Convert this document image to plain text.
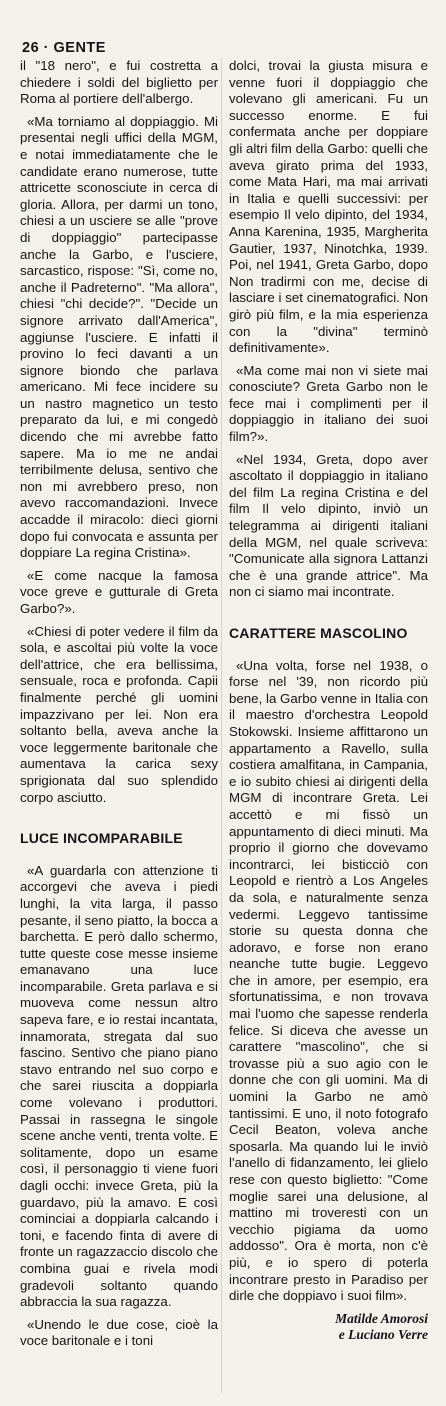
26 · GENTE

il "18 nero", e fui costretta a chiedere i soldi del biglietto per Roma al portiere dell'albergo.

«Ma torniamo al doppiaggio. Mi presentai negli uffici della MGM, e notai immediatamente che le candidate erano numerose, tutte attricette sconosciute in cerca di gloria. Allora, per darmi un tono, chiesi a un usciere se alle "prove di doppiaggio" partecipasse anche la Garbo, e l'usciere, sarcastico, rispose: "Sì, come no, anche il Padreterno". "Ma allora", chiesi "chi decide?". "Decide un signore arrivato dall'America", aggiunse l'usciere. E infatti il provino lo feci davanti a un signore biondo che parlava americano. Mi fece incidere su un nastro magnetico un testo preparato da lui, e mi congedò dicendo che mi avrebbe fatto sapere. Ma io me ne andai terribilmente delusa, sentivo che non mi avrebbero preso, non avevo raccomandazioni. Invece accadde il miracolo: dieci giorni dopo fui convocata e assunta per doppiare La regina Cristina».

«E come nacque la famosa voce greve e gutturale di Greta Garbo?».

«Chiesi di poter vedere il film da sola, e ascoltai più volte la voce dell'attrice, che era bellissima, sensuale, roca e profonda. Capii finalmente perché gli uomini impazzivano per lei. Non era soltanto bella, aveva anche la voce leggermente baritonale che aumentava la carica sexy sprigionata dal suo splendido corpo asciutto.

LUCE INCOMPARABILE

«A guardarla con attenzione ti accorgevi che aveva i piedi lunghi, la vita larga, il passo pesante, il seno piatto, la bocca a barchetta. E però dallo schermo, tutte queste cose messe insieme emanavano una luce incomparabile. Greta parlava e si muoveva come nessun altro sapeva fare, e io restai incantata, innamorata, stregata dal suo fascino. Sentivo che piano piano stavo entrando nel suo corpo e che sarei riuscita a doppiarla come volevano i produttori. Passai in rassegna le singole scene anche venti, trenta volte. E solitamente, dopo un esame così, il personaggio ti viene fuori dagli occhi: invece Greta, più la guardavo, più la amavo. E così cominciai a doppiarla calcando i toni, e facendo finta di avere di fronte un ragazzaccio discolo che combina guai e rivela modi gradevoli soltanto quando abbraccia la sua ragazza.

«Unendo le due cose, cioè la voce baritonale e i toni

dolci, trovai la giusta misura e venne fuori il doppiaggio che volevano gli americani. Fu un successo enorme. E fui confermata anche per doppiare gli altri film della Garbo: quelli che aveva girato prima del 1933, come Mata Hari, ma mai arrivati in Italia e quelli successivi: per esempio Il velo dipinto, del 1934, Anna Karenina, 1935, Margherita Gautier, 1937, Ninotchka, 1939. Poi, nel 1941, Greta Garbo, dopo Non tradirmi con me, decise di lasciare i set cinematografici. Non girò più film, e la mia esperienza con la "divina" terminò definitivamente».

«Ma come mai non vi siete mai conosciute? Greta Garbo non le fece mai i complimenti per il doppiaggio in italiano dei suoi film?».

«Nel 1934, Greta, dopo aver ascoltato il doppiaggio in italiano del film La regina Cristina e del film Il velo dipinto, inviò un telegramma ai dirigenti italiani della MGM, nel quale scriveva: "Comunicate alla signora Lattanzi che è una grande attrice". Ma non ci siamo mai incontrate.

CARATTERE MASCOLINO

«Una volta, forse nel 1938, o forse nel '39, non ricordo più bene, la Garbo venne in Italia con il maestro d'orchestra Leopold Stokowski. Insieme affittarono un appartamento a Ravello, sulla costiera amalfitana, in Campania, e io subito chiesi ai dirigenti della MGM di incontrare Greta. Lei accettò e mi fissò un appuntamento di dieci minuti. Ma proprio il giorno che dovevamo incontrarci, lei bisticciò con Leopold e rientrò a Los Angeles da sola, e naturalmente senza vedermi. Leggevo tantissime storie su questa donna che adoravo, e forse non erano neanche tutte bugie. Leggevo che in amore, per esempio, era sfortunatissima, e non trovava mai l'uomo che sapesse renderla felice. Si diceva che avesse un carattere "mascolino", che si trovasse più a suo agio con le donne che con gli uomini. Ma di uomini la Garbo ne amò tantissimi. E uno, il noto fotografo Cecil Beaton, voleva anche sposarla. Ma quando lui le inviò l'anello di fidanzamento, lei glielo rese con questo biglietto: "Come moglie sarei una delusione, al mattino mi troveresti con un vecchio pigiama da uomo addosso". Ora è morta, non c'è più, e io spero di poterla incontrare presto in Paradiso per dirle che doppiavo i suoi film».

Matilde Amorosi
e Luciano Verre
